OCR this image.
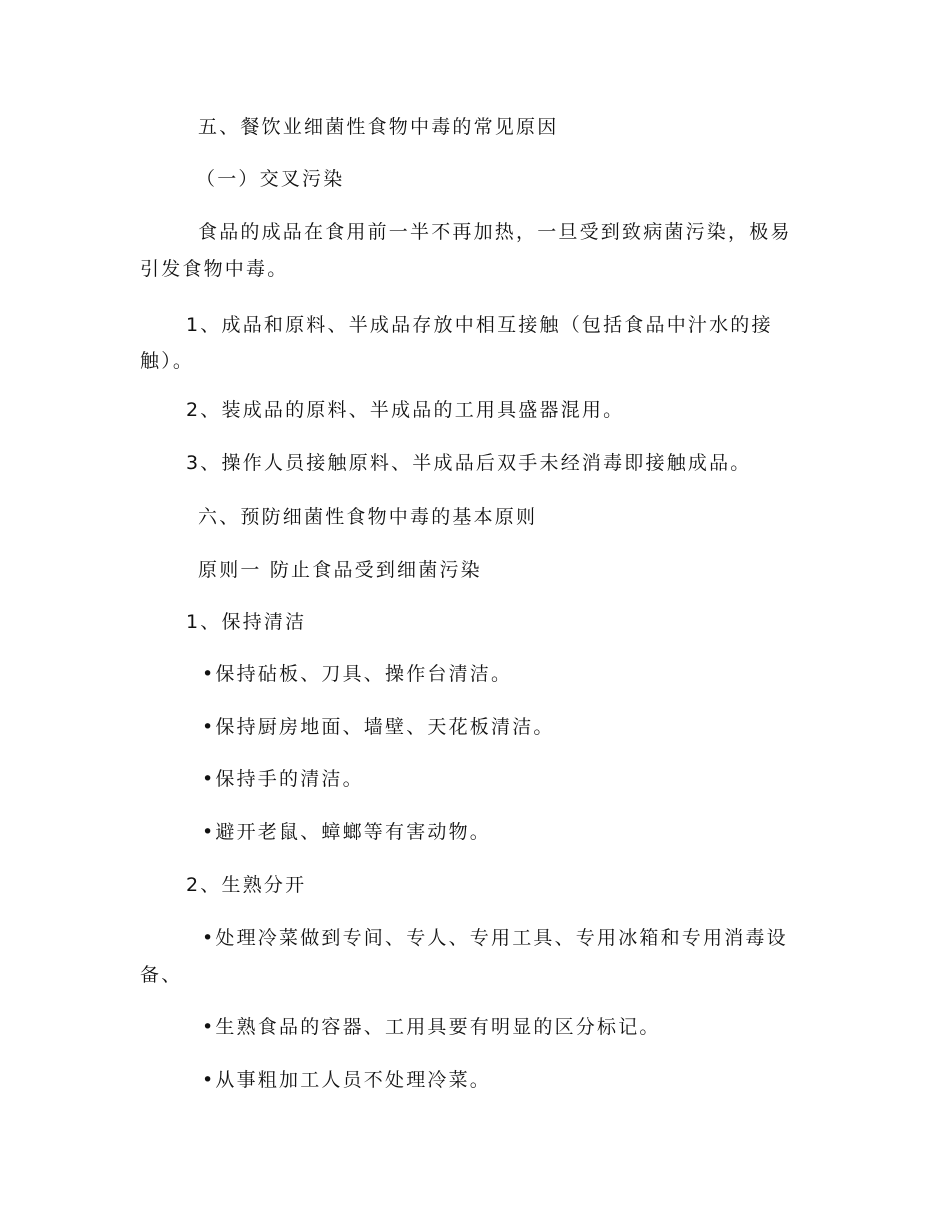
五、餐饮业细菌性食物中毒的常见原因

（一）交叉污染

食品的成品在食用前一半不再加热，一旦受到致病菌污染，极易

引发食物中毒。

1、成品和原料、半成品存放中相互接触（包括食品中汁水的接

触）。

2、装成品的原料、半成品的工用具盛器混用。

3、操作人员接触原料、半成品后双手未经消毒即接触成品。

六、预防细菌性食物中毒的基本原则

原则一 防止食品受到细菌污染

1、保持清洁

•保持砧板、刀具、操作台清洁。

•保持厨房地面、墙壁、天花板清洁。

•保持手的清洁。

•避开老鼠、蟑螂等有害动物。

2、生熟分开

•处理冷菜做到专间、专人、专用工具、专用冰箱和专用消毒设

备、

•生熟食品的容器、工用具要有明显的区分标记。

•从事粗加工人员不处理冷菜。
